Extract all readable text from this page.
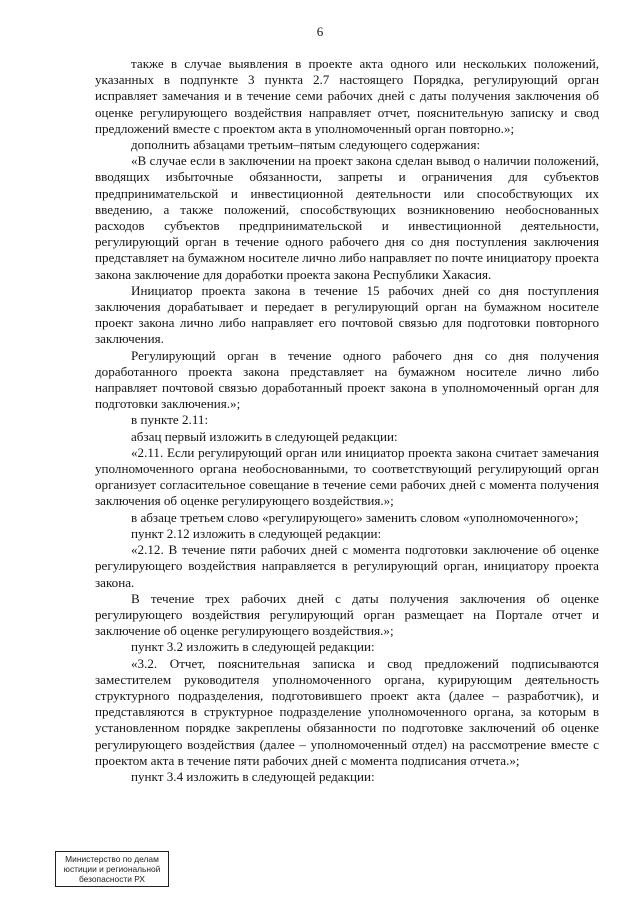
6

также в случае выявления в проекте акта одного или нескольких положений, указанных в подпункте 3 пункта 2.7 настоящего Порядка, регулирующий орган исправляет замечания и в течение семи рабочих дней с даты получения заключения об оценке регулирующего воздействия направляет отчет, пояснительную записку и свод предложений вместе с проектом акта в уполномоченный орган повторно.»;

дополнить абзацами третьим–пятым следующего содержания:

«В случае если в заключении на проект закона сделан вывод о наличии положений, вводящих избыточные обязанности, запреты и ограничения для субъектов предпринимательской и инвестиционной деятельности или способствующих их введению, а также положений, способствующих возникновению необоснованных расходов субъектов предпринимательской и инвестиционной деятельности, регулирующий орган в течение одного рабочего дня со дня поступления заключения представляет на бумажном носителе лично либо направляет по почте инициатору проекта закона заключение для доработки проекта закона Республики Хакасия.

Инициатор проекта закона в течение 15 рабочих дней со дня поступления заключения дорабатывает и передает в регулирующий орган на бумажном носителе проект закона лично либо направляет его почтовой связью для подготовки повторного заключения.

Регулирующий орган в течение одного рабочего дня со дня получения доработанного проекта закона представляет на бумажном носителе лично либо направляет почтовой связью доработанный проект закона в уполномоченный орган для подготовки заключения.»;

в пункте 2.11:

абзац первый изложить в следующей редакции:

«2.11. Если регулирующий орган или инициатор проекта закона считает замечания уполномоченного органа необоснованными, то соответствующий регулирующий орган организует согласительное совещание в течение семи рабочих дней с момента получения заключения об оценке регулирующего воздействия.»;

в абзаце третьем слово «регулирующего» заменить словом «уполномоченного»;

пункт 2.12 изложить в следующей редакции:

«2.12. В течение пяти рабочих дней с момента подготовки заключение об оценке регулирующего воздействия направляется в регулирующий орган, инициатору проекта закона.

В течение трех рабочих дней с даты получения заключения об оценке регулирующего воздействия регулирующий орган размещает на Портале отчет и заключение об оценке регулирующего воздействия.»;

пункт 3.2 изложить в следующей редакции:

«3.2. Отчет, пояснительная записка и свод предложений подписываются заместителем руководителя уполномоченного органа, курирующим деятельность структурного подразделения, подготовившего проект акта (далее – разработчик), и представляются в структурное подразделение уполномоченного органа, за которым в установленном порядке закреплены обязанности по подготовке заключений об оценке регулирующего воздействия (далее – уполномоченный отдел) на рассмотрение вместе с проектом акта в течение пяти рабочих дней с момента подписания отчета.»;

пункт 3.4 изложить в следующей редакции:

Министерство по делам
юстиции и региональной
безопасности РХ
